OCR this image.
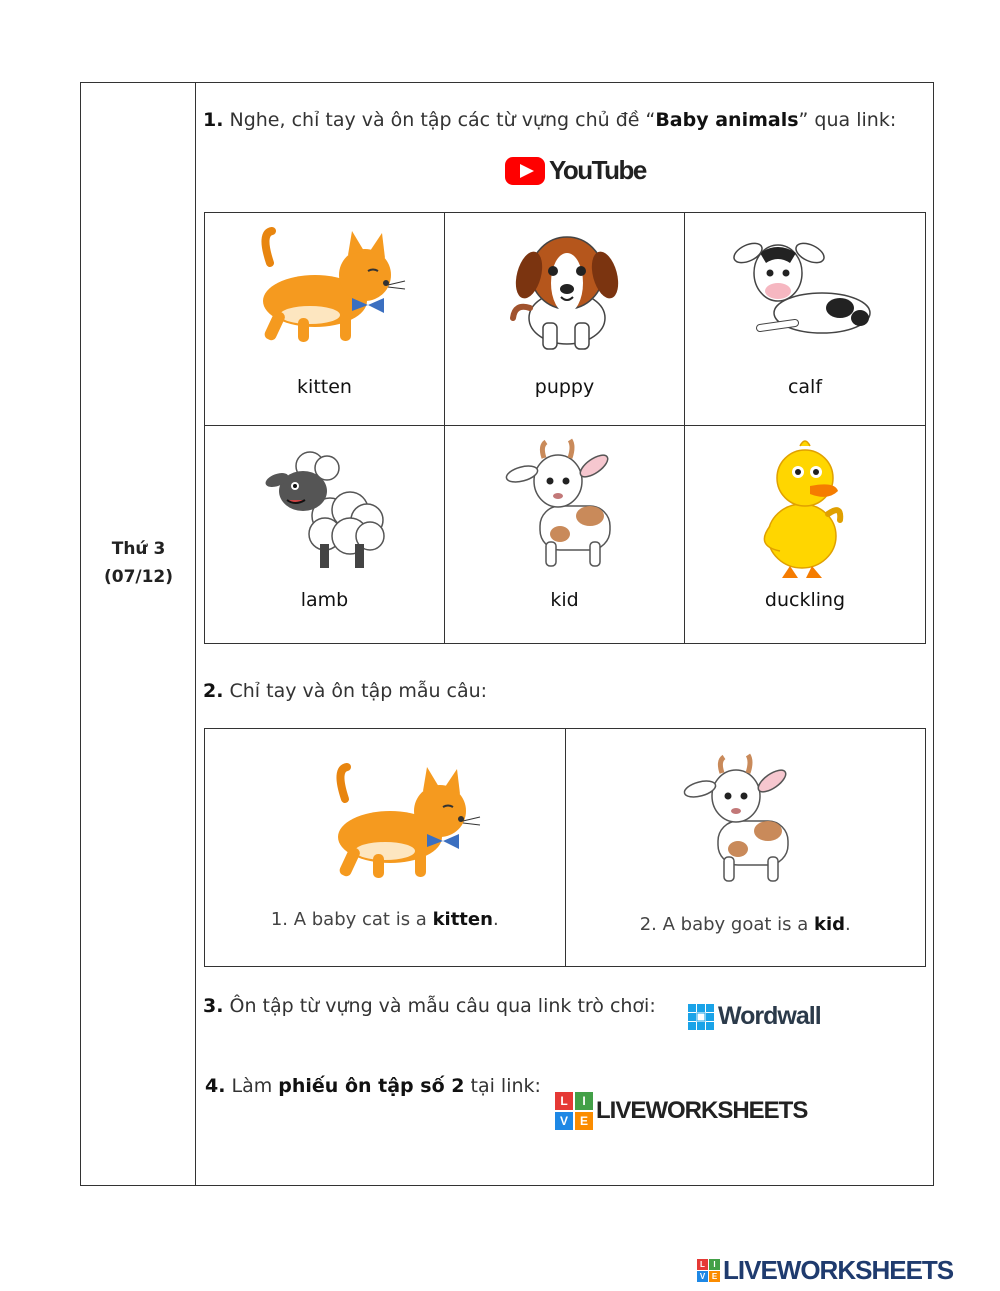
Thứ 3
(07/12)
1. Nghe, chỉ tay và ôn tập các từ vựng chủ đề “Baby animals” qua link:
YouTube
kitten	puppy	calf
lamb	kid	duckling
2. Chỉ tay và ôn tập mẫu câu:
1. A baby cat is a kitten.	2. A baby goat is a kid.
3. Ôn tập từ vựng và mẫu câu qua link trò chơi: Wordwall
4. Làm phiếu ôn tập số 2 tại link:
L	I
V E LIVEWORKSHEETS
L	I
V E LIVEWORKSHEETS
